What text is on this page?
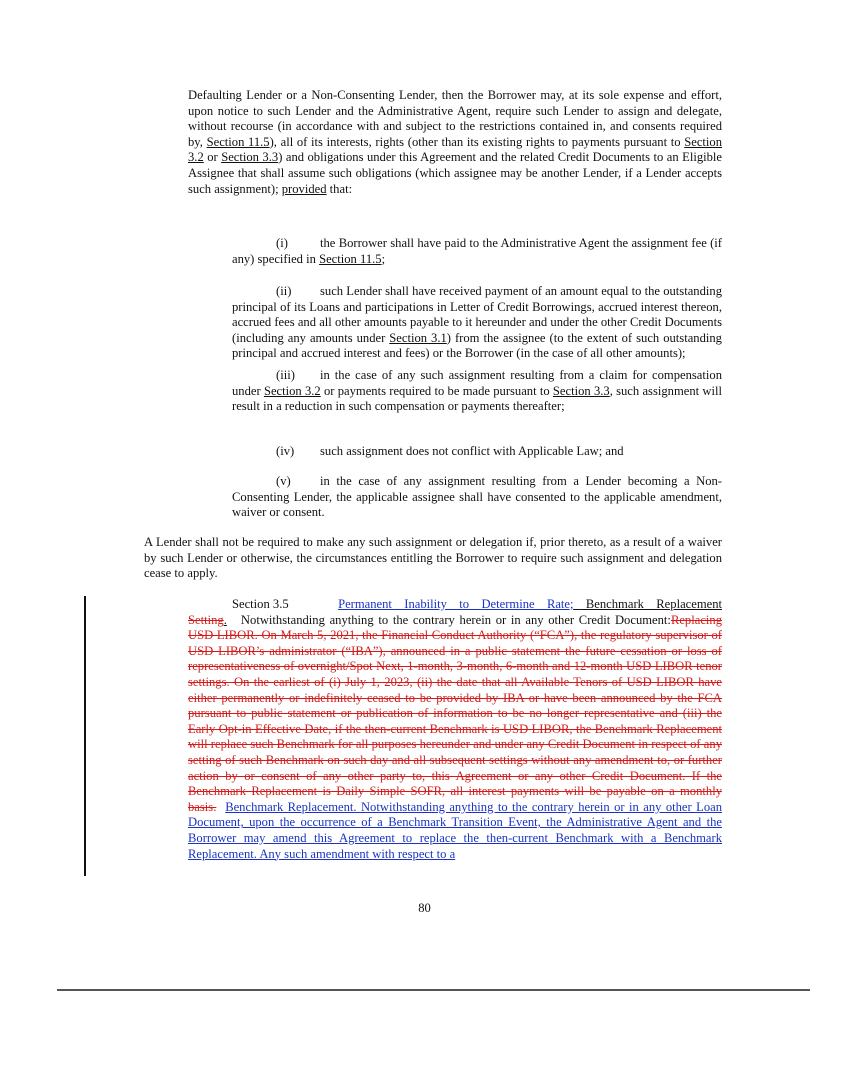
Defaulting Lender or a Non-Consenting Lender, then the Borrower may, at its sole expense and effort, upon notice to such Lender and the Administrative Agent, require such Lender to assign and delegate, without recourse (in accordance with and subject to the restrictions contained in, and consents required by, Section 11.5), all of its interests, rights (other than its existing rights to payments pursuant to Section 3.2 or Section 3.3) and obligations under this Agreement and the related Credit Documents to an Eligible Assignee that shall assume such obligations (which assignee may be another Lender, if a Lender accepts such assignment); provided that:

(i)	the Borrower shall have paid to the Administrative Agent the assignment fee (if any) specified in Section 11.5;

(ii) such Lender shall have received payment of an amount equal to the outstanding principal of its Loans and participations in Letter of Credit Borrowings, accrued interest thereon, accrued fees and all other amounts payable to it hereunder and under the other Credit Documents (including any amounts under Section 3.1) from the assignee (to the extent of such outstanding principal and accrued interest and fees) or the Borrower (in the case of all other amounts);

(iii) in the case of any such assignment resulting from a claim for compensation under Section 3.2 or payments required to be made pursuant to Section 3.3, such assignment will result in a reduction in such compensation or payments thereafter;

(iv) such assignment does not conflict with Applicable Law; and

(v) in the case of any assignment resulting from a Lender becoming a Non-Consenting Lender, the applicable assignee shall have consented to the applicable amendment, waiver or consent.

A Lender shall not be required to make any such assignment or delegation if, prior thereto, as a result of a waiver by such Lender or otherwise, the circumstances entitling the Borrower to require such assignment and delegation cease to apply.

Section 3.5	Permanent Inability to Determine Rate; Benchmark Replacement Setting. Notwithstanding anything to the contrary herein or in any other Credit Document:Replacing USD LIBOR. On March 5, 2021, the Financial Conduct Authority (“FCA”), the regulatory supervisor of USD LIBOR’s administrator (“IBA”), announced in a public statement the future cessation or loss of representativeness of overnight/Spot Next, 1-month, 3-month, 6-month and 12-month USD LIBOR tenor settings. On the earliest of (i) July 1, 2023, (ii) the date that all Available Tenors of USD LIBOR have either permanently or indefinitely ceased to be provided by IBA or have been announced by the FCA pursuant to public statement or publication of information to be no longer representative and (iii) the Early Opt-in Effective Date, if the then-current Benchmark is USD LIBOR, the Benchmark Replacement will replace such Benchmark for all purposes hereunder and under any Credit Document in respect of any setting of such Benchmark on such day and all subsequent settings without any amendment to, or further action by or consent of any other party to, this Agreement or any other Credit Document. If the Benchmark Replacement is Daily Simple SOFR, all interest payments will be payable on a monthly basis. Benchmark Replacement. Notwithstanding anything to the contrary herein or in any other Loan Document, upon the occurrence of a Benchmark Transition Event, the Administrative Agent and the Borrower may amend this Agreement to replace the then-current Benchmark with a Benchmark Replacement. Any such amendment with respect to a

80
